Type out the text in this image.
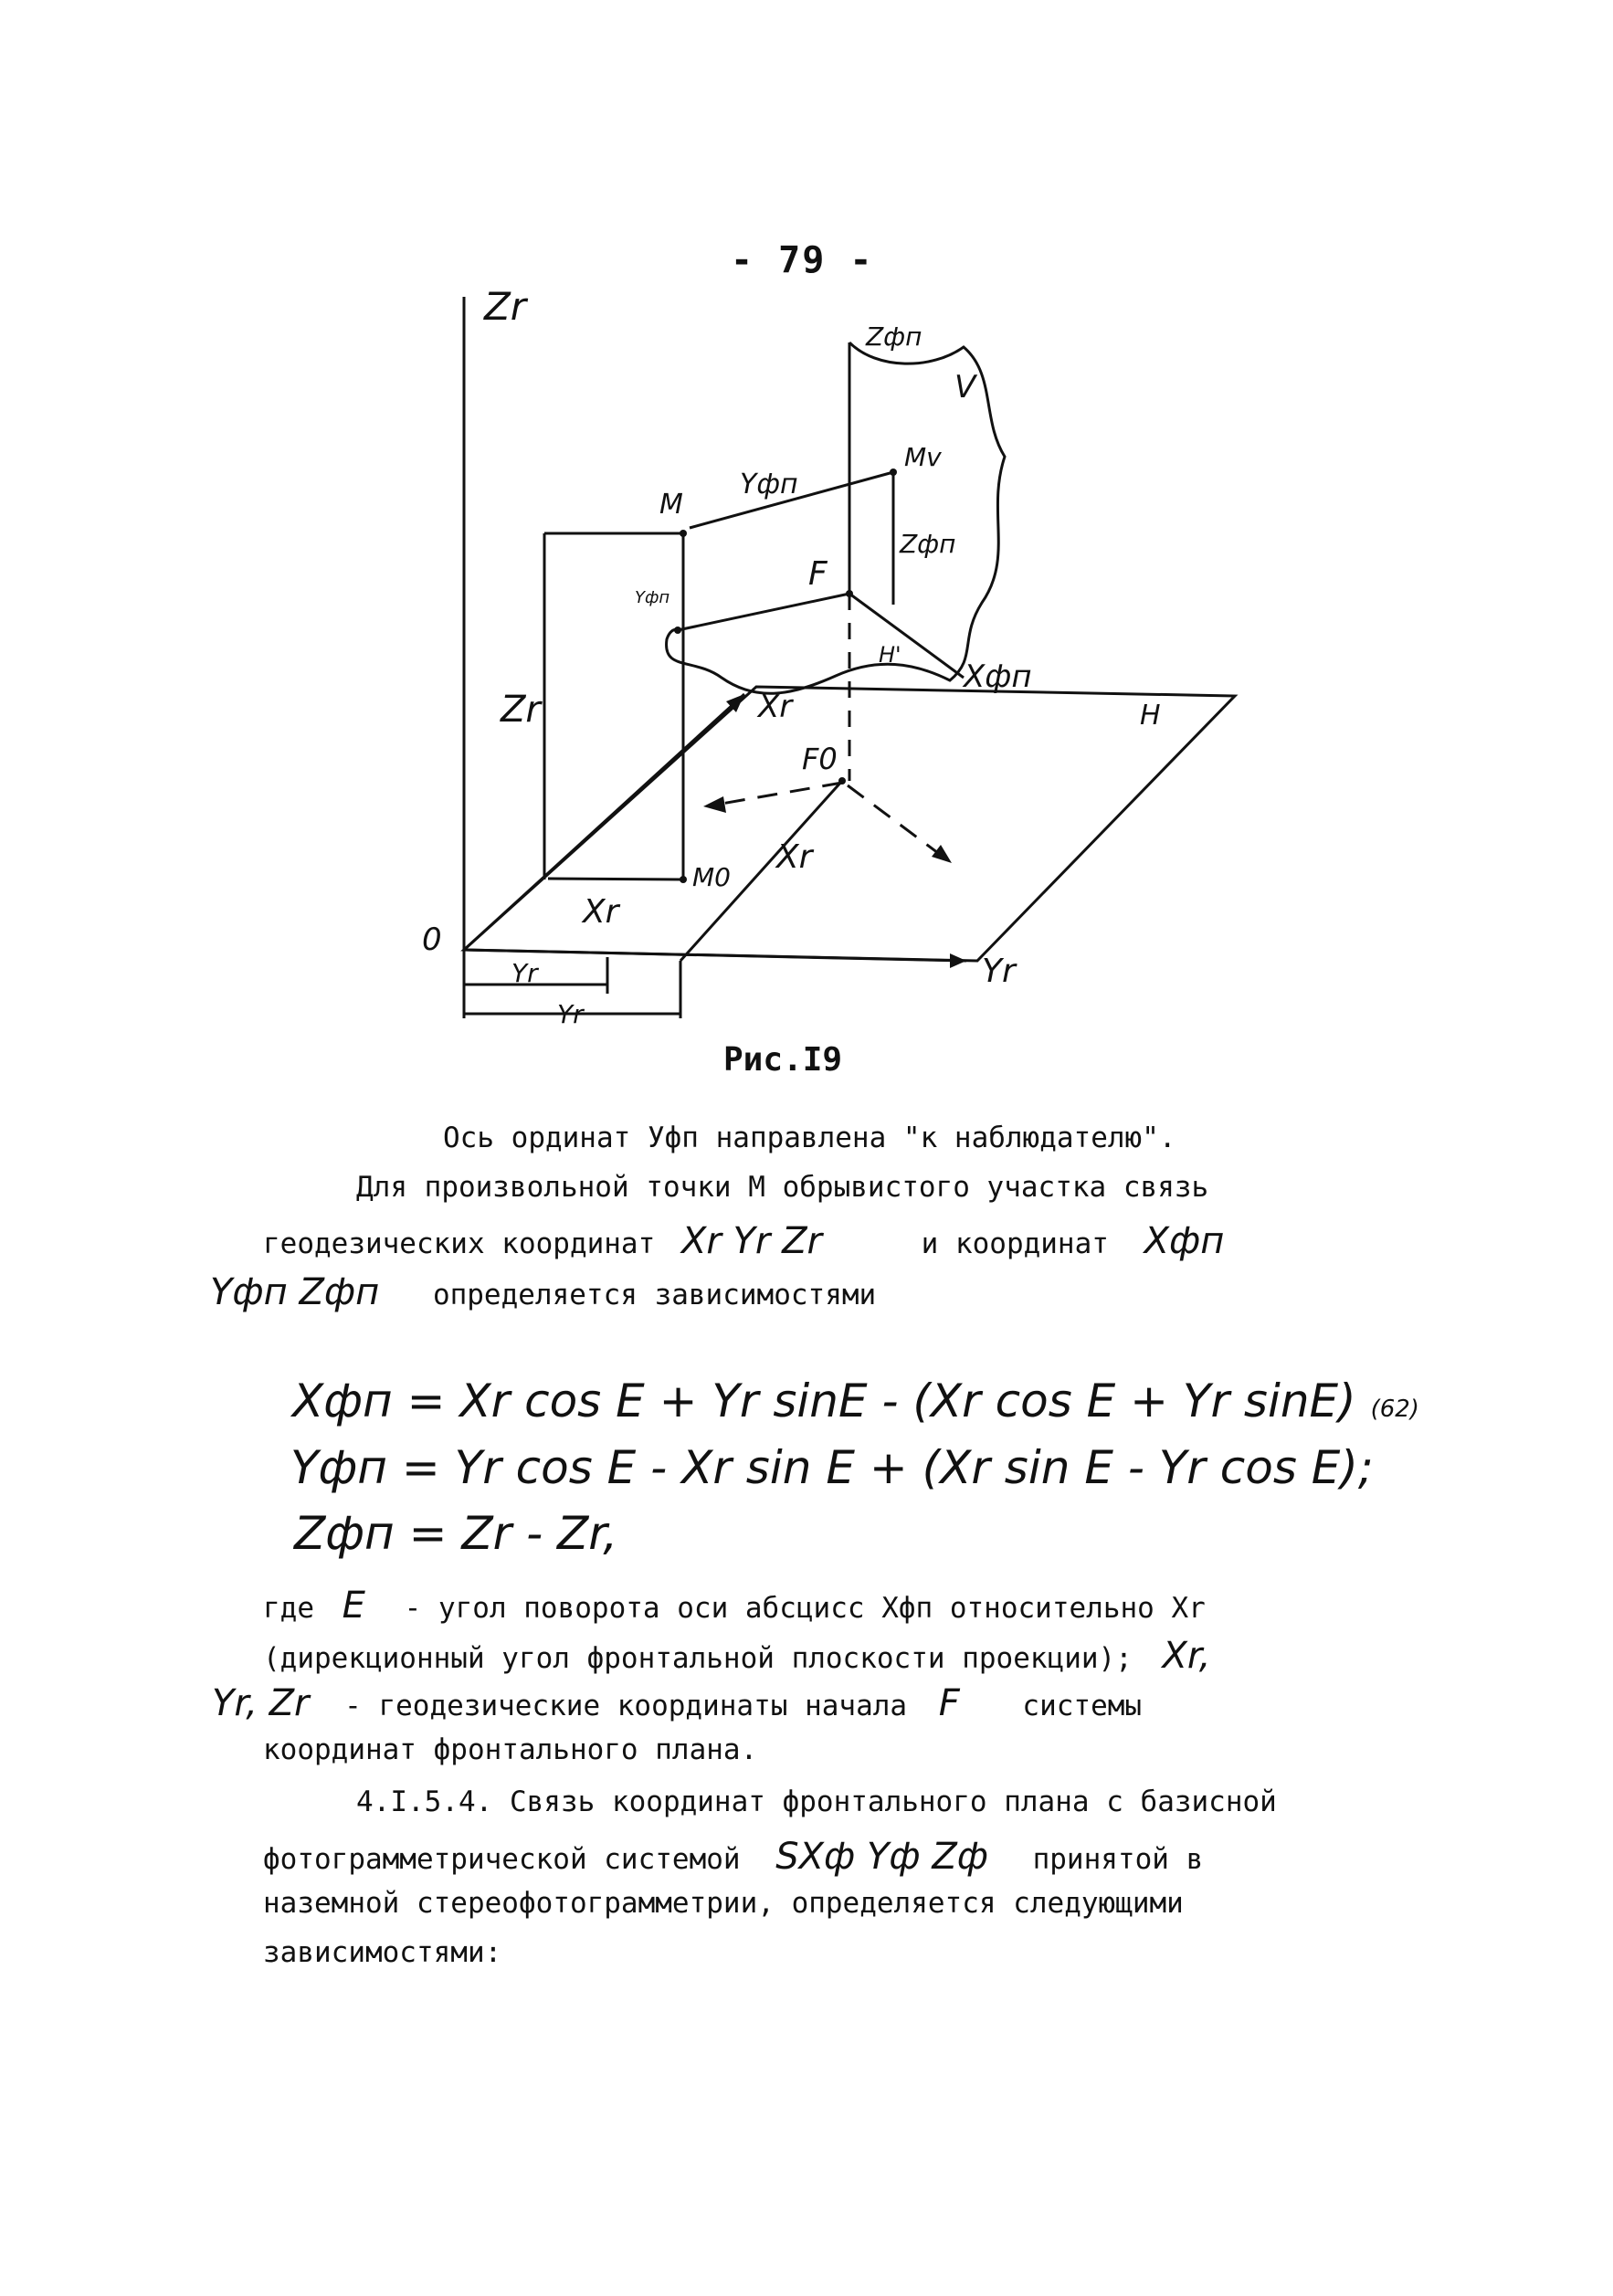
- 79 -
Zr
Zфп
V
M
Mv
Yфп
Zфп
F
Yфп
H'
Xфп
Zr	Xr	H
F0
Xr
M0
Xr
0
Yr
Yr
Yr
Рис.I9
Ось ординат Уфп направлена "к наблюдателю".
Для произвольной точки М обрывистого участка связь
геодезических координат Xr Yr Zr	и координат Xфп
Yфп Zфп определяется зависимостями
Xфп = Xr cos E + Yr sinE - (Xr cos E + Yr sinE) (62)
Yфп = Yr cos E - Xr sin E + (Xr sin E - Yr cos E);
Zфп = Zr - Zr,
где E - угол поворота оси абсцисс Хфп относительно Хr
(дирекционный угол фронтальной плоскости проекции); Xr,
Yr, Zr - геодезические координаты начала F системы
координат фронтального плана.
4.I.5.4. Связь координат фронтального плана с базисной
фотограмметрической системой SXф Yф Zф принятой в
наземной стереофотограмметрии, определяется следующими
зависимостями:
